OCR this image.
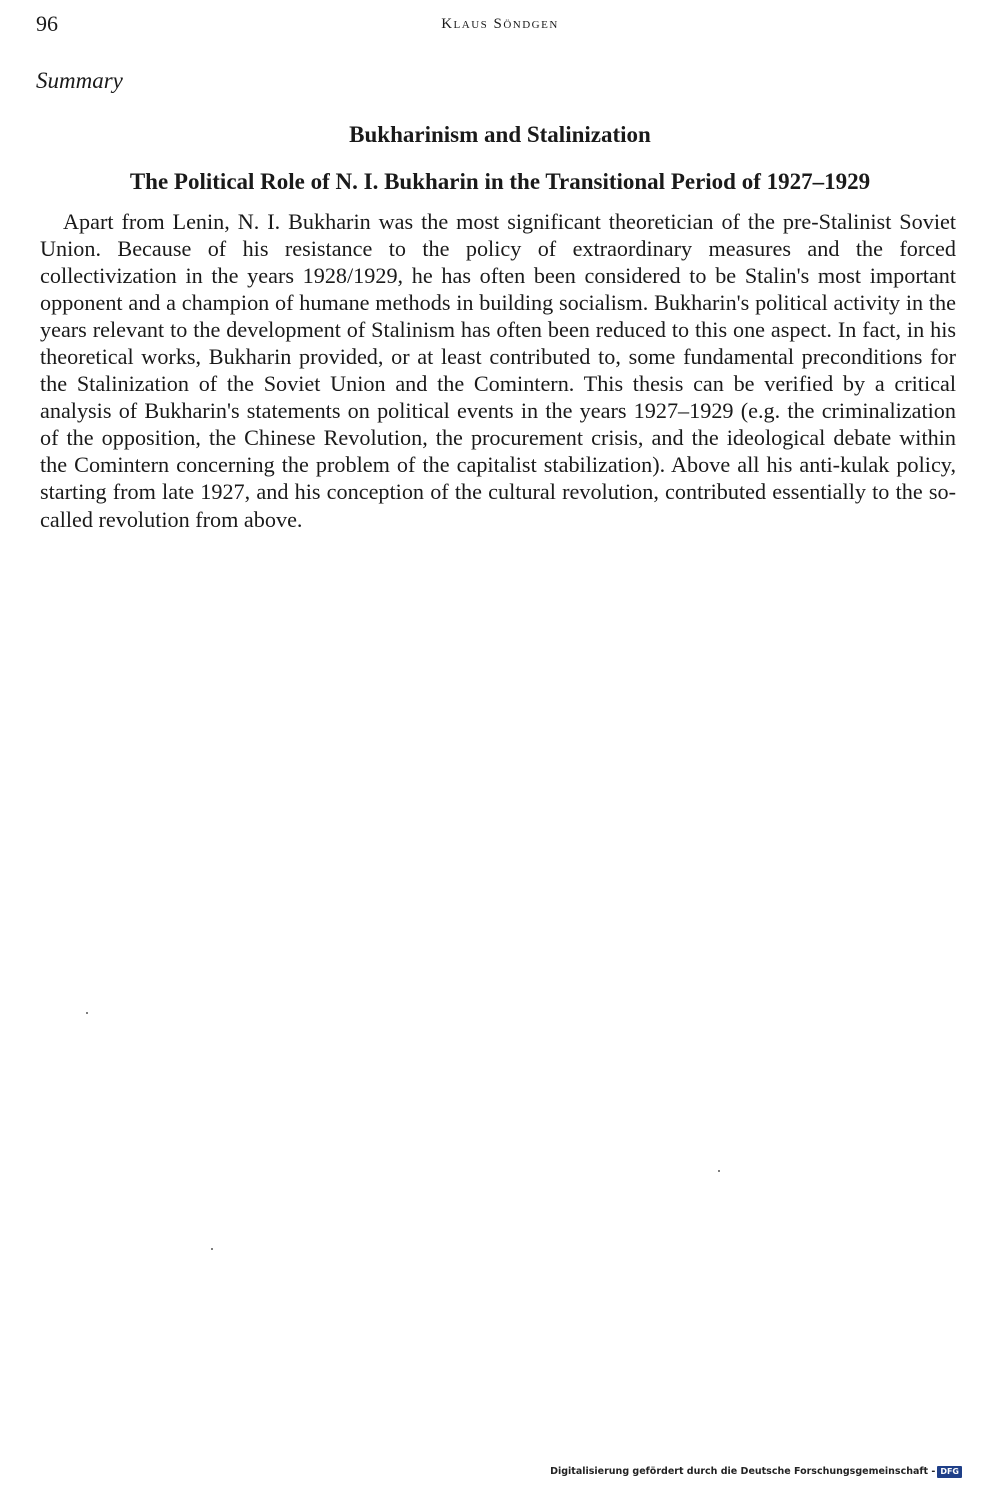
96	Klaus Söndgen
Summary
Bukharinism and Stalinization
The Political Role of N. I. Bukharin in the Transitional Period of 1927–1929

Apart from Lenin, N. I. Bukharin was the most significant theoretician of the pre-Stalinist Soviet Union. Because of his resistance to the policy of extraordinary measures and the forced collectivization in the years 1928/1929, he has often been considered to be Stalin's most important opponent and a champion of humane methods in building socialism. Bukharin's political activity in the years relevant to the development of Stalinism has often been reduced to this one aspect. In fact, in his theoretical works, Bukharin provided, or at least contributed to, some fundamental preconditions for the Stalinization of the Soviet Union and the Comintern. This thesis can be verified by a critical analysis of Bukharin's statements on political events in the years 1927–1929 (e.g. the criminalization of the opposition, the Chinese Revolution, the procurement crisis, and the ideological debate within the Comintern concerning the problem of the capitalist stabilization). Above all his anti-kulak policy, starting from late 1927, and his conception of the cultural revolution, contributed essentially to the so-called revolution from above.

Digitalisierung gefördert durch die Deutsche Forschungsgemeinschaft - DFG
